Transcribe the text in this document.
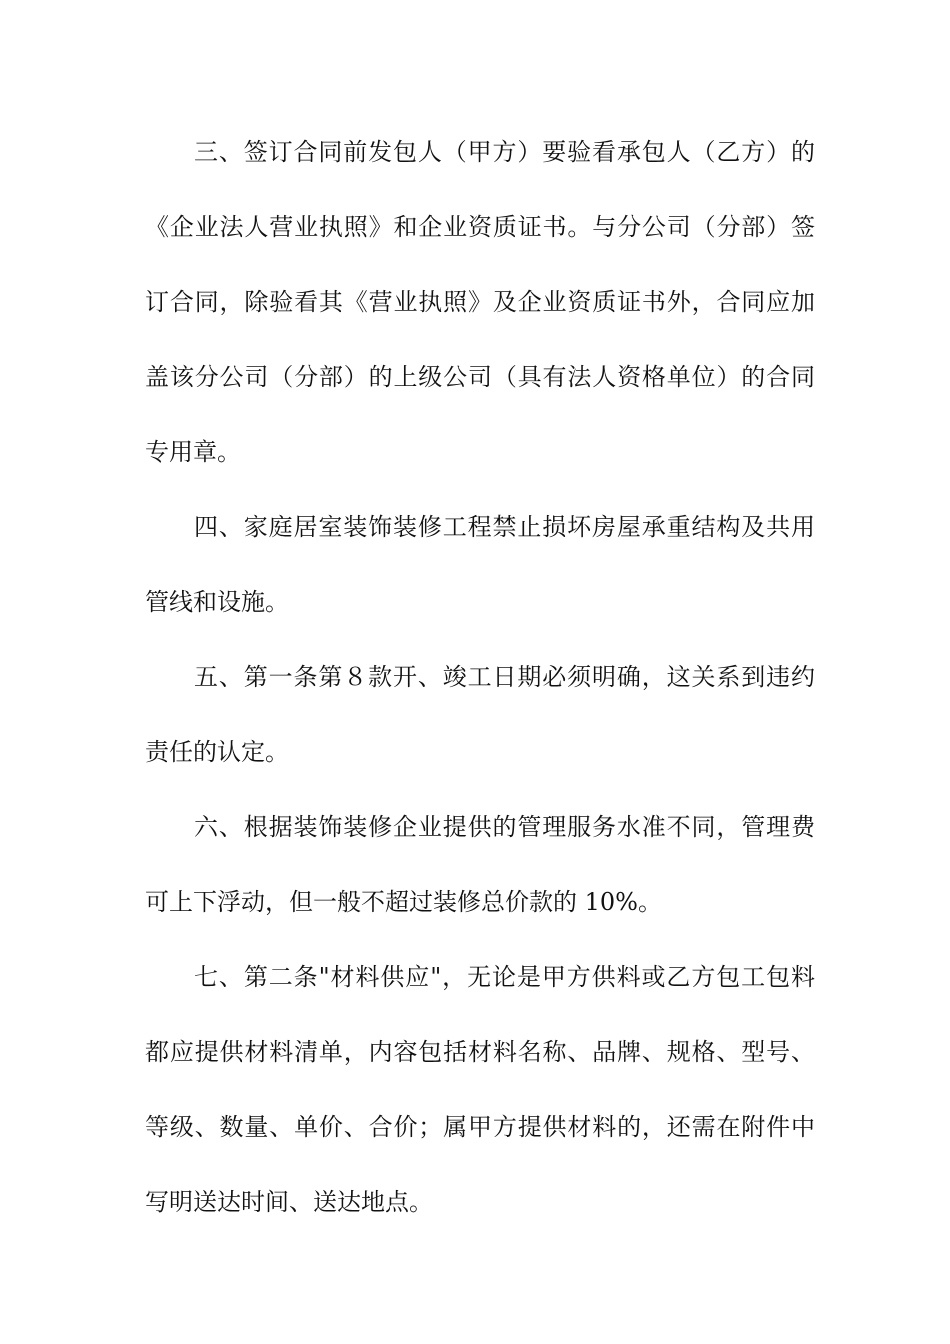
三、签订合同前发包人（甲方）要验看承包人（乙方）的
《企业法人营业执照》和企业资质证书。与分公司（分部）签
订合同，除验看其《营业执照》及企业资质证书外，合同应加
盖该分公司（分部）的上级公司（具有法人资格单位）的合同
专用章。
四、家庭居室装饰装修工程禁止损坏房屋承重结构及共用
管线和设施。
五、第一条第８款开、竣工日期必须明确，这关系到违约
责任的认定。
六、根据装饰装修企业提供的管理服务水准不同，管理费
可上下浮动，但一般不超过装修总价款的 10%。
七、第二条"材料供应"，无论是甲方供料或乙方包工包料
都应提供材料清单，内容包括材料名称、品牌、规格、型号、
等级、数量、单价、合价；属甲方提供材料的，还需在附件中
写明送达时间、送达地点。
